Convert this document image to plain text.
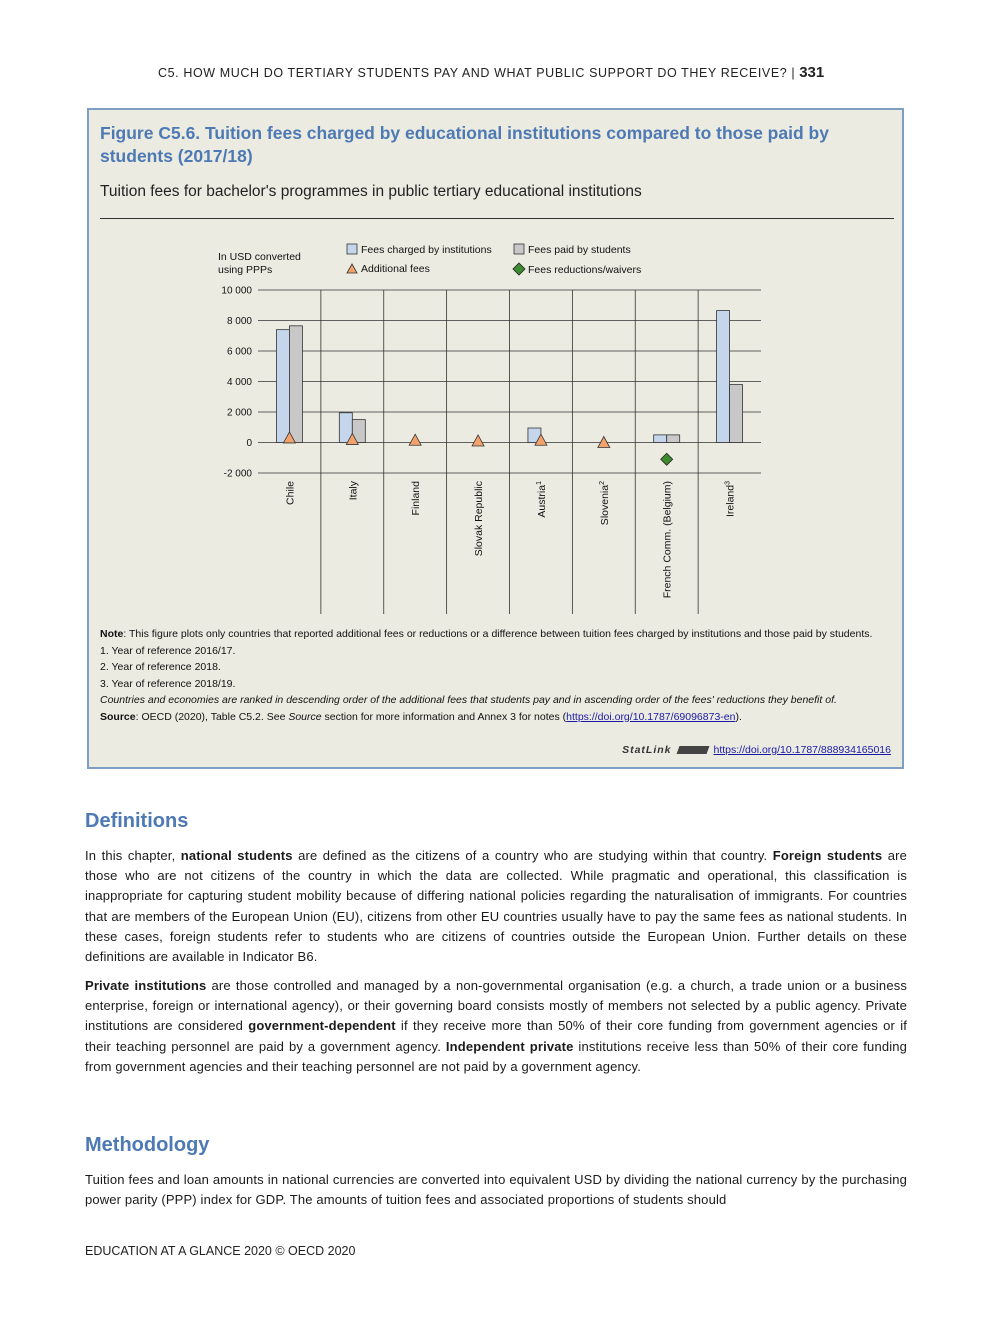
C5. HOW MUCH DO TERTIARY STUDENTS PAY AND WHAT PUBLIC SUPPORT DO THEY RECEIVE? | 331
Figure C5.6. Tuition fees charged by educational institutions compared to those paid by students (2017/18)
Tuition fees for bachelor's programmes in public tertiary educational institutions
In USD converted
using PPPs
Fees charged by institutions	Fees paid by students
Additional fees	Fees reductions/waivers
-2 000
0
2 000
4 000
6 000
8 000
10 000
Chile	Italy	Finland	Slovak Republic	Austria$^1$
Slovenia$^2$	French Comm. (Belgium)	Ireland$^3$

Note: This figure plots only countries that reported additional fees or reductions or a difference between tuition fees charged by institutions and those paid by students.

1. Year of reference 2016/17.

2. Year of reference 2018.

3. Year of reference 2018/19.

Countries and economies are ranked in descending order of the additional fees that students pay and in ascending order of the fees' reductions they benefit of.

Source: OECD (2020), Table C5.2. See Source section for more information and Annex 3 for notes (https://doi.org/10.1787/69096873-en).

StatLink	https://doi.org/10.1787/888934165016
Definitions

In this chapter, national students are defined as the citizens of a country who are studying within that country. Foreign students are those who are not citizens of the country in which the data are collected. While pragmatic and operational, this classification is inappropriate for capturing student mobility because of differing national policies regarding the naturalisation of immigrants. For countries that are members of the European Union (EU), citizens from other EU countries usually have to pay the same fees as national students. In these cases, foreign students refer to students who are citizens of countries outside the European Union. Further details on these definitions are available in Indicator B6.

Private institutions are those controlled and managed by a non-governmental organisation (e.g. a church, a trade union or a business enterprise, foreign or international agency), or their governing board consists mostly of members not selected by a public agency. Private institutions are considered government-dependent if they receive more than 50% of their core funding from government agencies or if their teaching personnel are paid by a government agency. Independent private institutions receive less than 50% of their core funding from government agencies and their teaching personnel are not paid by a government agency.

Methodology

Tuition fees and loan amounts in national currencies are converted into equivalent USD by dividing the national currency by the purchasing power parity (PPP) index for GDP. The amounts of tuition fees and associated proportions of students should

EDUCATION AT A GLANCE 2020 © OECD 2020
